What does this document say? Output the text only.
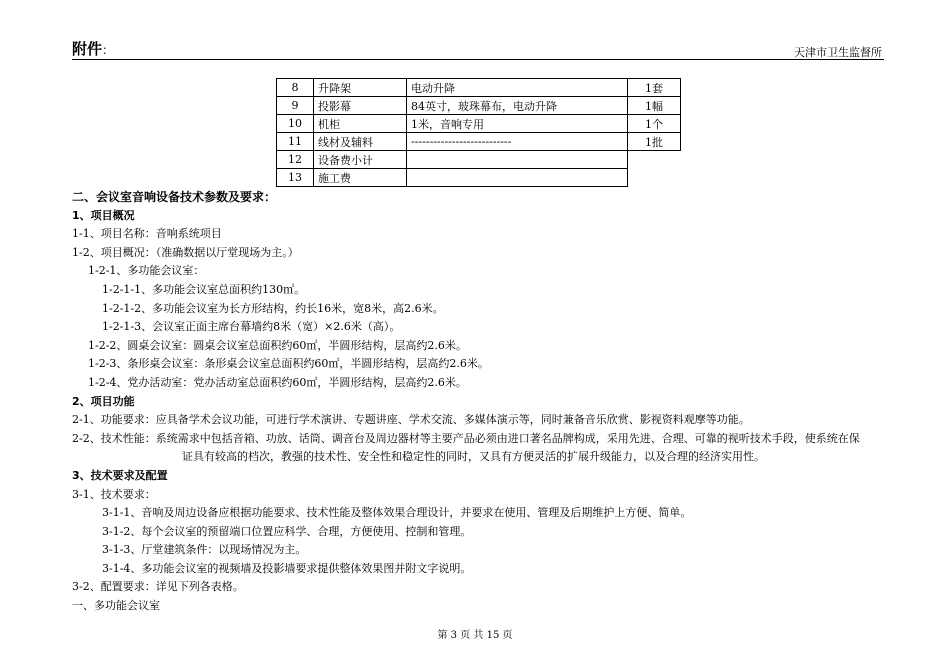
附件：	天津市卫生监督所
8	升降架	电动升降	1套
9	投影幕	84英寸，玻珠幕布，电动升降	1幅
10	机柜	1米，音响专用	1个
11	线材及辅料	---------------------------	1批
12	设备费小计		
13	施工费		

二、会议室音响设备技术参数及要求：

1、项目概况

1-1、项目名称：音响系统项目

1-2、项目概况：（准确数据以厅堂现场为主。）

1-2-1、多功能会议室：

1-2-1-1、多功能会议室总面积约130㎡。

1-2-1-2、多功能会议室为长方形结构，约长16米，宽8米，高2.6米。

1-2-1-3、会议室正面主席台幕墙约8米（宽）×2.6米（高）。

1-2-2、圆桌会议室：圆桌会议室总面积约60㎡，半圆形结构，层高约2.6米。

1-2-3、条形桌会议室：条形桌会议室总面积约60㎡，半圆形结构，层高约2.6米。

1-2-4、党办活动室：党办活动室总面积约60㎡，半圆形结构，层高约2.6米。

2、项目功能

2-1、功能要求：应具备学术会议功能，可进行学术演讲、专题讲座、学术交流、多媒体演示等，同时兼备音乐欣赏、影视资料观摩等功能。

2-2、技术性能：系统需求中包括音箱、功放、话筒、调音台及周边器材等主要产品必须由进口著名品牌构成，采用先进、合理、可靠的视听技术手段，使系统在保

证具有较高的档次，教强的技术性、安全性和稳定性的同时，又具有方便灵活的扩展升级能力，以及合理的经济实用性。

3、技术要求及配置

3-1、技术要求：

3-1-1、音响及周边设备应根据功能要求、技术性能及整体效果合理设计，并要求在使用、管理及后期维护上方便、简单。

3-1-2、每个会议室的预留端口位置应科学、合理，方便使用、控制和管理。

3-1-3、厅堂建筑条件：以现场情况为主。

3-1-4、多功能会议室的视频墙及投影墙要求提供整体效果图并附文字说明。

3-2、配置要求：详见下列各表格。

一、多功能会议室

第 3 页 共 15 页
